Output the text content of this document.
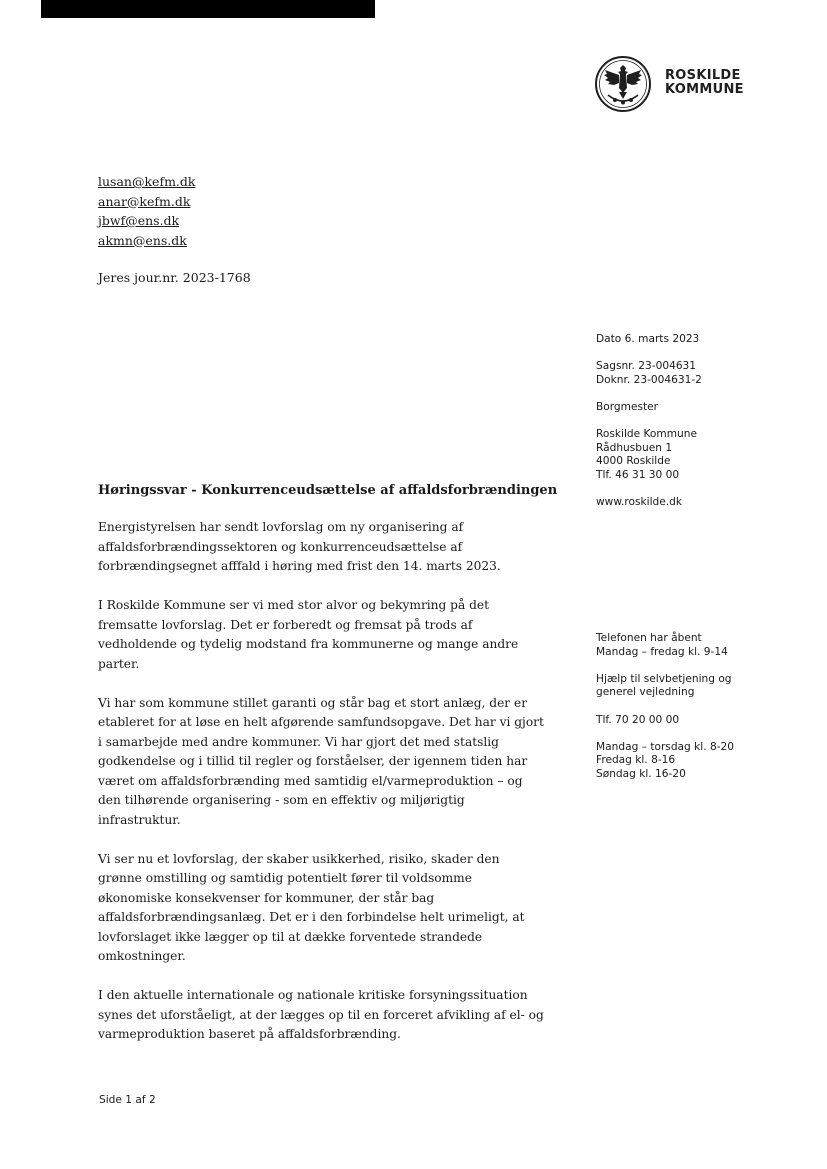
ROSKILDE
KOMMUNE
lusan@kefm.dk
anar@kefm.dk
jbwf@ens.dk
akmn@ens.dk
Jeres jour.nr. 2023-1768
Dato 6. marts 2023
Sagsnr. 23-004631
Doknr. 23-004631-2
Borgmester
Roskilde Kommune
Rådhusbuen 1
4000 Roskilde
Tlf. 46 31 30 00
www.roskilde.dk
Telefonen har åbent
Mandag – fredag kl. 9-14
Hjælp til selvbetjening og
generel vejledning
Tlf. 70 20 00 00
Mandag – torsdag kl. 8-20
Fredag kl. 8-16
Søndag kl. 16-20
Høringssvar - Konkurrenceudsættelse af affaldsforbrændingen

Energistyrelsen har sendt lovforslag om ny organisering af
affaldsforbrændingssektoren og konkurrenceudsættelse af
forbrændingsegnet afffald i høring med frist den 14. marts 2023.

I Roskilde Kommune ser vi med stor alvor og bekymring på det
fremsatte lovforslag. Det er forberedt og fremsat på trods af
vedholdende og tydelig modstand fra kommunerne og mange andre
parter.

Vi har som kommune stillet garanti og står bag et stort anlæg, der er
etableret for at løse en helt afgørende samfundsopgave. Det har vi gjort
i samarbejde med andre kommuner. Vi har gjort det med statslig
godkendelse og i tillid til regler og forståelser, der igennem tiden har
været om affaldsforbrænding med samtidig el/varmeproduktion – og
den tilhørende organisering - som en effektiv og miljørigtig
infrastruktur.

Vi ser nu et lovforslag, der skaber usikkerhed, risiko, skader den
grønne omstilling og samtidig potentielt fører til voldsomme
økonomiske konsekvenser for kommuner, der står bag
affaldsforbrændingsanlæg. Det er i den forbindelse helt urimeligt, at
lovforslaget ikke lægger op til at dække forventede strandede
omkostninger.

I den aktuelle internationale og nationale kritiske forsyningssituation
synes det uforståeligt, at der lægges op til en forceret afvikling af el- og
varmeproduktion baseret på affaldsforbrænding.

Side 1 af 2
